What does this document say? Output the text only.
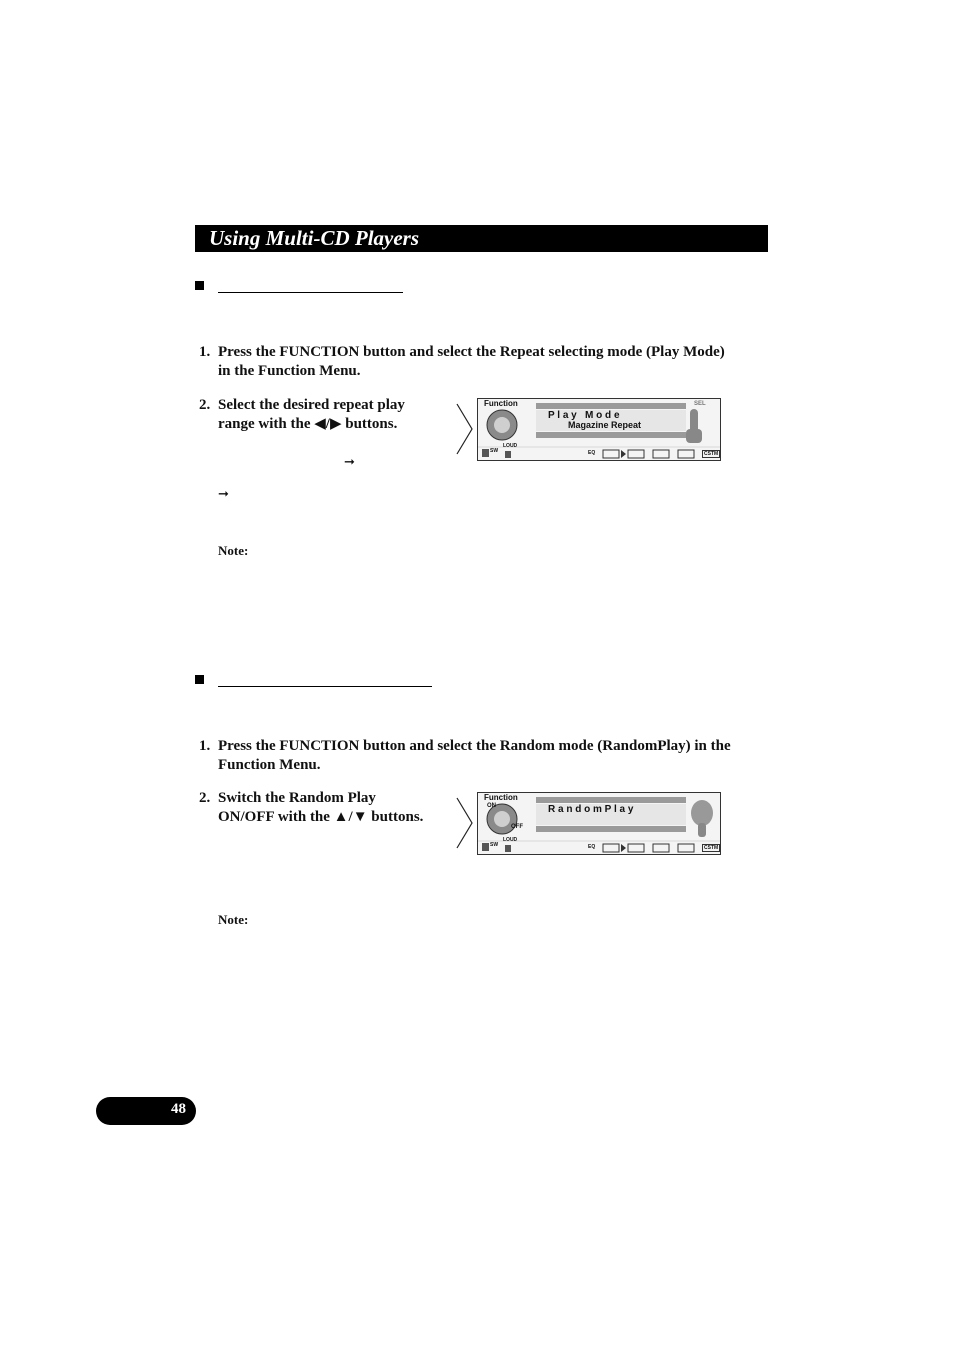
Using Multi-CD Players
1. Press the FUNCTION button and select the Repeat selecting mode (Play Mode)
in the Function Menu.
2. Select the desired repeat play
range with the ◀/▶ buttons.
➞
➞
Function
P l a y   M o d e
Magazine Repeat
SEL
SW
LOUD
EQ	CSTM
Note:
1. Press the FUNCTION button and select the Random mode (RandomPlay) in the
Function Menu.
2. Switch the Random Play
ON/OFF with the ▲/▼ buttons.
Function
ON
OFF
R a n d o m P l a y
SW
LOUD
EQ	CSTM
Note:
48
